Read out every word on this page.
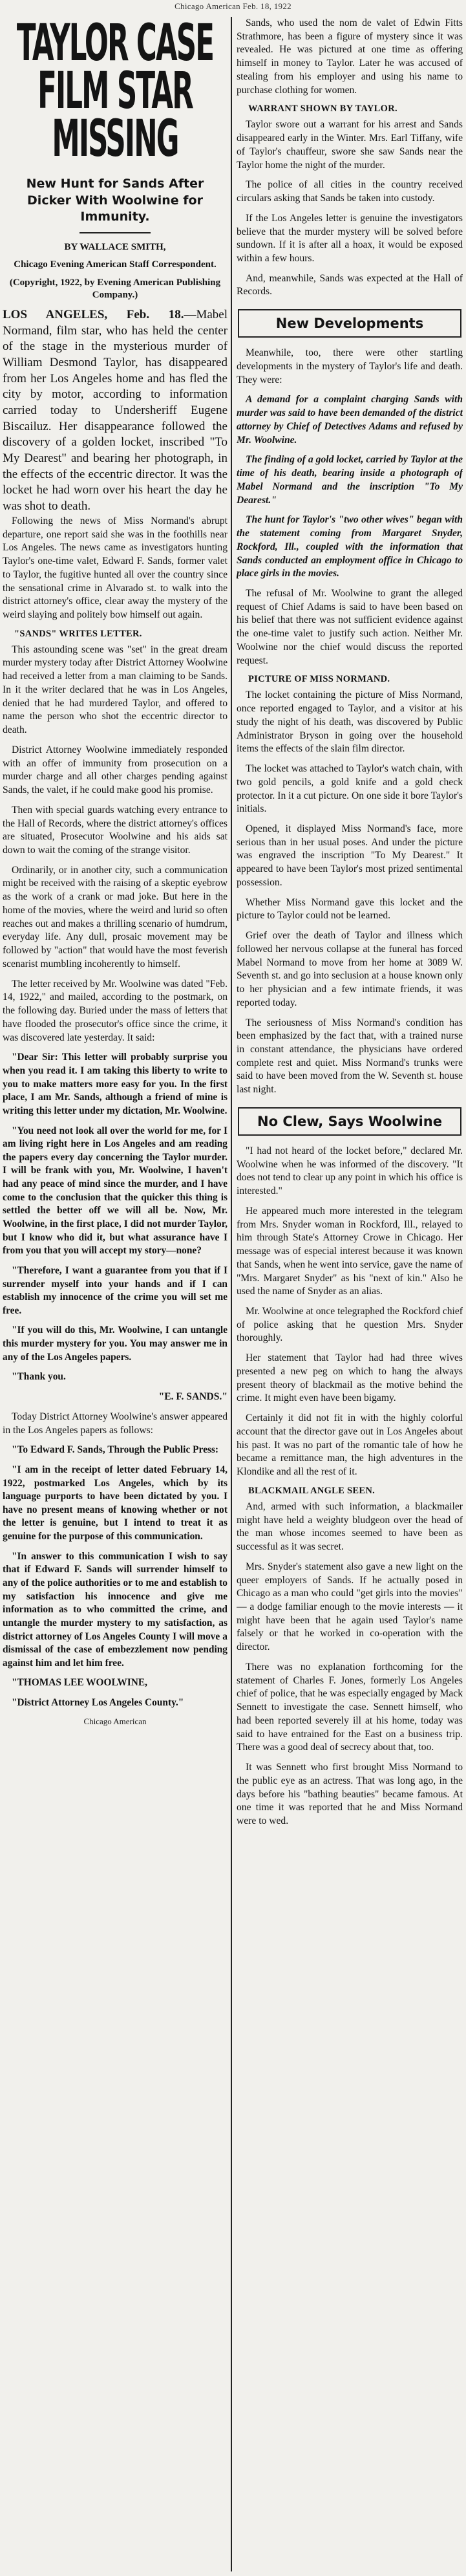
Chicago American Feb. 18, 1922
TAYLOR CASE
FILM STAR
MISSING
New Hunt for Sands After Dicker With Woolwine for Immunity.
BY WALLACE SMITH,
Chicago Evening American Staff Correspondent.
(Copyright, 1922, by Evening American Publishing Company.)

LOS ANGELES, Feb. 18.—Mabel Normand, film star, who has held the center of the stage in the mysterious murder of William Desmond Taylor, has disappeared from her Los Angeles home and has fled the city by motor, according to information carried today to Undersheriff Eugene Biscailuz. Her disappearance followed the discovery of a golden locket, inscribed "To My Dearest" and bearing her photograph, in the effects of the eccentric director. It was the locket he had worn over his heart the day he was shot to death.

Following the news of Miss Normand's abrupt departure, one report said she was in the foothills near Los Angeles. The news came as investigators hunting Taylor's one-time valet, Edward F. Sands, former valet to Taylor, the fugitive hunted all over the country since the sensational crime in Alvarado st. to walk into the district attorney's office, clear away the mystery of the weird slaying and politely bow himself out again.

"SANDS" WRITES LETTER.

This astounding scene was "set" in the great dream murder mystery today after District Attorney Woolwine had received a letter from a man claiming to be Sands. In it the writer declared that he was in Los Angeles, denied that he had murdered Taylor, and offered to name the person who shot the eccentric director to death.

District Attorney Woolwine immediately responded with an offer of immunity from prosecution on a murder charge and all other charges pending against Sands, the valet, if he could make good his promise.

Then with special guards watching every entrance to the Hall of Records, where the district attorney's offices are situated, Prosecutor Woolwine and his aids sat down to wait the coming of the strange visitor.

Ordinarily, or in another city, such a communication might be received with the raising of a skeptic eyebrow as the work of a crank or mad joke. But here in the home of the movies, where the weird and lurid so often reaches out and makes a thrilling scenario of humdrum, everyday life. Any dull, prosaic movement may be followed by "action" that would have the most feverish scenarist mumbling incoherently to himself.

The letter received by Mr. Woolwine was dated "Feb. 14, 1922," and mailed, according to the postmark, on the following day. Buried under the mass of letters that have flooded the prosecutor's office since the crime, it was discovered late yesterday. It said:

"Dear Sir: This letter will probably surprise you when you read it. I am taking this liberty to write to you to make matters more easy for you. In the first place, I am Mr. Sands, although a friend of mine is writing this letter under my dictation, Mr. Woolwine.

"You need not look all over the world for me, for I am living right here in Los Angeles and am reading the papers every day concerning the Taylor murder. I will be frank with you, Mr. Woolwine, I haven't had any peace of mind since the murder, and I have come to the conclusion that the quicker this thing is settled the better off we will all be. Now, Mr. Woolwine, in the first place, I did not murder Taylor, but I know who did it, but what assurance have I from you that you will accept my story—none?

"Therefore, I want a guarantee from you that if I surrender myself into your hands and if I can establish my innocence of the crime you will set me free.

"If you will do this, Mr. Woolwine, I can untangle this murder mystery for you. You may answer me in any of the Los Angeles papers.

"Thank you.

"E. F. SANDS."

Today District Attorney Woolwine's answer appeared in the Los Angeles papers as follows:

"To Edward F. Sands, Through the Public Press:

"I am in the receipt of letter dated February 14, 1922, postmarked Los Angeles, which by its language purports to have been dictated by you. I have no present means of knowing whether or not the letter is genuine, but I intend to treat it as genuine for the purpose of this communication.

"In answer to this communication I wish to say that if Edward F. Sands will surrender himself to any of the police authorities or to me and establish to my satisfaction his innocence and give me information as to who committed the crime, and untangle the murder mystery to my satisfaction, as district attorney of Los Angeles County I will move a dismissal of the case of embezzlement now pending against him and let him free.

"THOMAS LEE WOOLWINE,

"District Attorney Los Angeles County."

Chicago American

Sands, who used the nom de valet of Edwin Fitts Strathmore, has been a figure of mystery since it was revealed. He was pictured at one time as offering himself in money to Taylor. Later he was accused of stealing from his employer and using his name to purchase clothing for women.

WARRANT SHOWN BY TAYLOR.

Taylor swore out a warrant for his arrest and Sands disappeared early in the Winter. Mrs. Earl Tiffany, wife of Taylor's chauffeur, swore she saw Sands near the Taylor home the night of the murder.

The police of all cities in the country received circulars asking that Sands be taken into custody.

If the Los Angeles letter is genuine the investigators believe that the murder mystery will be solved before sundown. If it is after all a hoax, it would be exposed within a few hours.

And, meanwhile, Sands was expected at the Hall of Records.

New Developments

Meanwhile, too, there were other startling developments in the mystery of Taylor's life and death. They were:

A demand for a complaint charging Sands with murder was said to have been demanded of the district attorney by Chief of Detectives Adams and refused by Mr. Woolwine.

The finding of a gold locket, carried by Taylor at the time of his death, bearing inside a photograph of Mabel Normand and the inscription "To My Dearest."

The hunt for Taylor's "two other wives" began with the statement coming from Margaret Snyder, Rockford, Ill., coupled with the information that Sands conducted an employment office in Chicago to place girls in the movies.

The refusal of Mr. Woolwine to grant the alleged request of Chief Adams is said to have been based on his belief that there was not sufficient evidence against the one-time valet to justify such action. Neither Mr. Woolwine nor the chief would discuss the reported request.

PICTURE OF MISS NORMAND.

The locket containing the picture of Miss Normand, once reported engaged to Taylor, and a visitor at his study the night of his death, was discovered by Public Administrator Bryson in going over the household items the effects of the slain film director.

The locket was attached to Taylor's watch chain, with two gold pencils, a gold knife and a gold check protector. In it a cut picture. On one side it bore Taylor's initials.

Opened, it displayed Miss Normand's face, more serious than in her usual poses. And under the picture was engraved the inscription "To My Dearest." It appeared to have been Taylor's most prized sentimental possession.

Whether Miss Normand gave this locket and the picture to Taylor could not be learned.

Grief over the death of Taylor and illness which followed her nervous collapse at the funeral has forced Mabel Normand to move from her home at 3089 W. Seventh st. and go into seclusion at a house known only to her physician and a few intimate friends, it was reported today.

The seriousness of Miss Normand's condition has been emphasized by the fact that, with a trained nurse in constant attendance, the physicians have ordered complete rest and quiet. Miss Normand's trunks were said to have been moved from the W. Seventh st. house last night.

No Clew, Says Woolwine

"I had not heard of the locket before," declared Mr. Woolwine when he was informed of the discovery. "It does not tend to clear up any point in which his office is interested."

He appeared much more interested in the telegram from Mrs. Snyder woman in Rockford, Ill., relayed to him through State's Attorney Crowe in Chicago. Her message was of especial interest because it was known that Sands, when he went into service, gave the name of "Mrs. Margaret Snyder" as his "next of kin." Also he used the name of Snyder as an alias.

Mr. Woolwine at once telegraphed the Rockford chief of police asking that he question Mrs. Snyder thoroughly.

Her statement that Taylor had had three wives presented a new peg on which to hang the always present theory of blackmail as the motive behind the crime. It might even have been bigamy.

Certainly it did not fit in with the highly colorful account that the director gave out in Los Angeles about his past. It was no part of the romantic tale of how he became a remittance man, the high adventures in the Klondike and all the rest of it.

BLACKMAIL ANGLE SEEN.

And, armed with such information, a blackmailer might have held a weighty bludgeon over the head of the man whose incomes seemed to have been as successful as it was secret.

Mrs. Snyder's statement also gave a new light on the queer employers of Sands. If he actually posed in Chicago as a man who could "get girls into the movies" — a dodge familiar enough to the movie interests — it might have been that he again used Taylor's name falsely or that he worked in co-operation with the director.

There was no explanation forthcoming for the statement of Charles F. Jones, formerly Los Angeles chief of police, that he was especially engaged by Mack Sennett to investigate the case. Sennett himself, who had been reported severely ill at his home, today was said to have entrained for the East on a business trip. There was a good deal of secrecy about that, too.

It was Sennett who first brought Miss Normand to the public eye as an actress. That was long ago, in the days before his "bathing beauties" became famous. At one time it was reported that he and Miss Normand were to wed.
